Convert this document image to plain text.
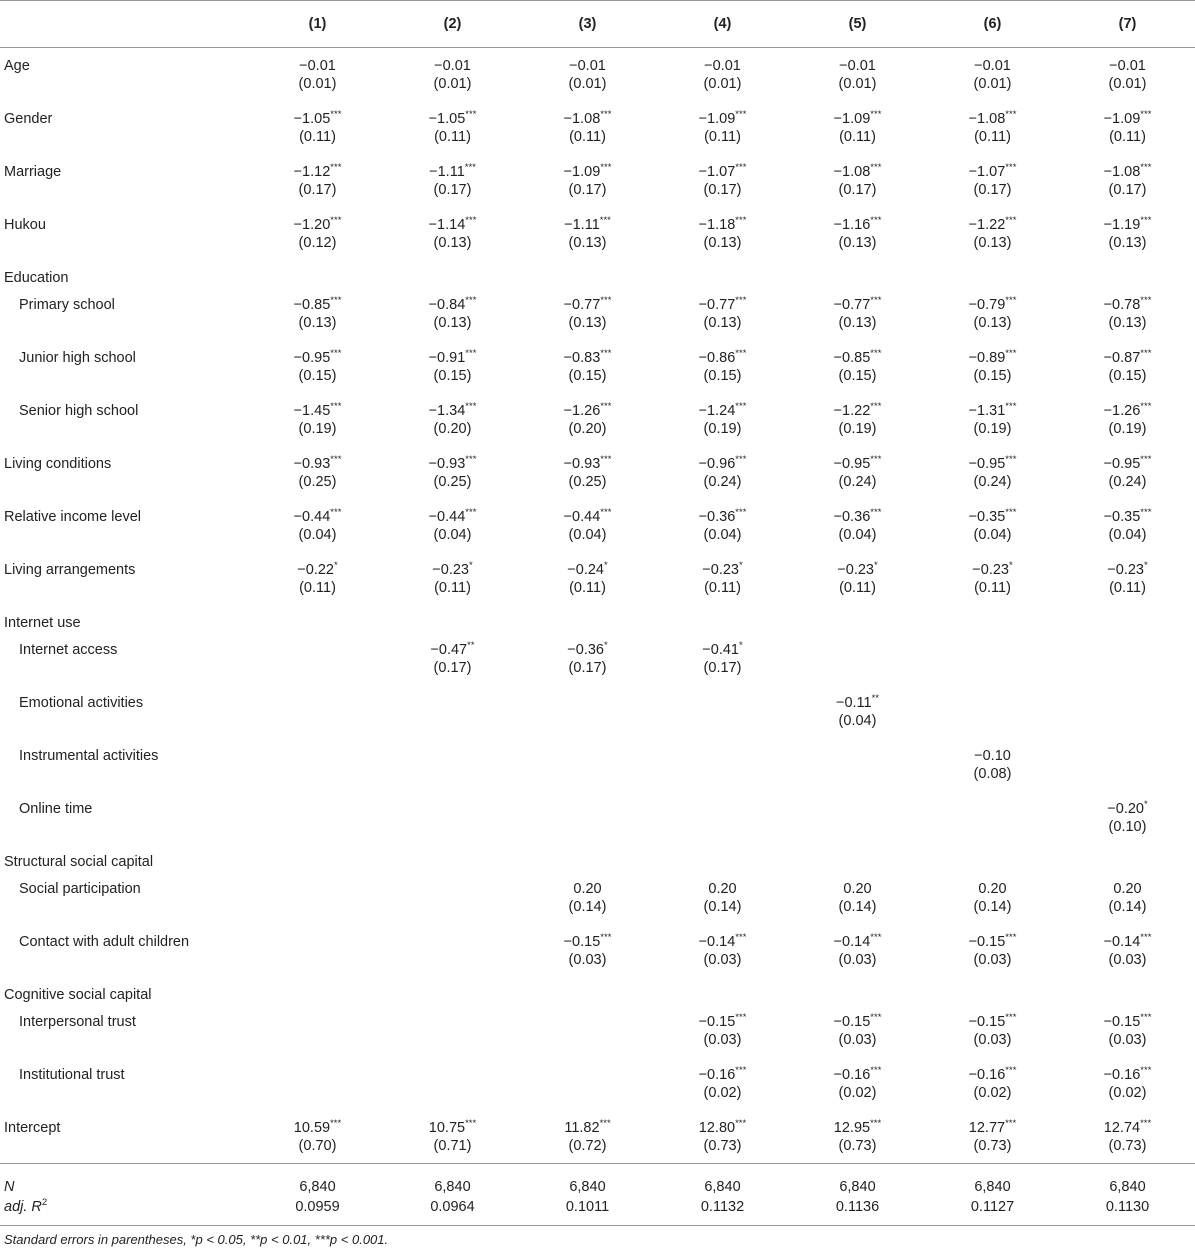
	(1)	(2)	(3)	(4)	(5)	(6)	(7)
Age	−0.01	−0.01	−0.01	−0.01	−0.01	−0.01	−0.01
	(0.01)	(0.01)	(0.01)	(0.01)	(0.01)	(0.01)	(0.01)
Gender	−1.05***	−1.05***	−1.08***	−1.09***	−1.09***	−1.08***	−1.09***
	(0.11)	(0.11)	(0.11)	(0.11)	(0.11)	(0.11)	(0.11)
Marriage	−1.12***	−1.11***	−1.09***	−1.07***	−1.08***	−1.07***	−1.08***
	(0.17)	(0.17)	(0.17)	(0.17)	(0.17)	(0.17)	(0.17)
Hukou	−1.20***	−1.14***	−1.11***	−1.18***	−1.16***	−1.22***	−1.19***
	(0.12)	(0.13)	(0.13)	(0.13)	(0.13)	(0.13)	(0.13)
Education							
Primary school	−0.85***	−0.84***	−0.77***	−0.77***	−0.77***	−0.79***	−0.78***
	(0.13)	(0.13)	(0.13)	(0.13)	(0.13)	(0.13)	(0.13)
Junior high school	−0.95***	−0.91***	−0.83***	−0.86***	−0.85***	−0.89***	−0.87***
	(0.15)	(0.15)	(0.15)	(0.15)	(0.15)	(0.15)	(0.15)
Senior high school	−1.45***	−1.34***	−1.26***	−1.24***	−1.22***	−1.31***	−1.26***
	(0.19)	(0.20)	(0.20)	(0.19)	(0.19)	(0.19)	(0.19)
Living conditions	−0.93***	−0.93***	−0.93***	−0.96***	−0.95***	−0.95***	−0.95***
	(0.25)	(0.25)	(0.25)	(0.24)	(0.24)	(0.24)	(0.24)
Relative income level	−0.44***	−0.44***	−0.44***	−0.36***	−0.36***	−0.35***	−0.35***
	(0.04)	(0.04)	(0.04)	(0.04)	(0.04)	(0.04)	(0.04)
Living arrangements	−0.22*	−0.23*	−0.24*	−0.23*	−0.23*	−0.23*	−0.23*
	(0.11)	(0.11)	(0.11)	(0.11)	(0.11)	(0.11)	(0.11)
Internet use							
Internet access		−0.47**	−0.36*	−0.41*			
		(0.17)	(0.17)	(0.17)			
Emotional activities					−0.11**		
					(0.04)		
Instrumental activities						−0.10	
						(0.08)	
Online time							−0.20*
							(0.10)
Structural social capital							
Social participation			0.20	0.20	0.20	0.20	0.20
			(0.14)	(0.14)	(0.14)	(0.14)	(0.14)
Contact with adult children			−0.15***	−0.14***	−0.14***	−0.15***	−0.14***
			(0.03)	(0.03)	(0.03)	(0.03)	(0.03)
Cognitive social capital							
Interpersonal trust				−0.15***	−0.15***	−0.15***	−0.15***
				(0.03)	(0.03)	(0.03)	(0.03)
Institutional trust				−0.16***	−0.16***	−0.16***	−0.16***
				(0.02)	(0.02)	(0.02)	(0.02)
Intercept	10.59***	10.75***	11.82***	12.80***	12.95***	12.77***	12.74***
	(0.70)	(0.71)	(0.72)	(0.73)	(0.73)	(0.73)	(0.73)
N	6,840	6,840	6,840	6,840	6,840	6,840	6,840
adj. $R^2$	0.0959	0.0964	0.1011	0.1132	0.1136	0.1127	0.1130
Standard errors in parentheses, *p < 0.05, **p < 0.01, ***p < 0.001.
